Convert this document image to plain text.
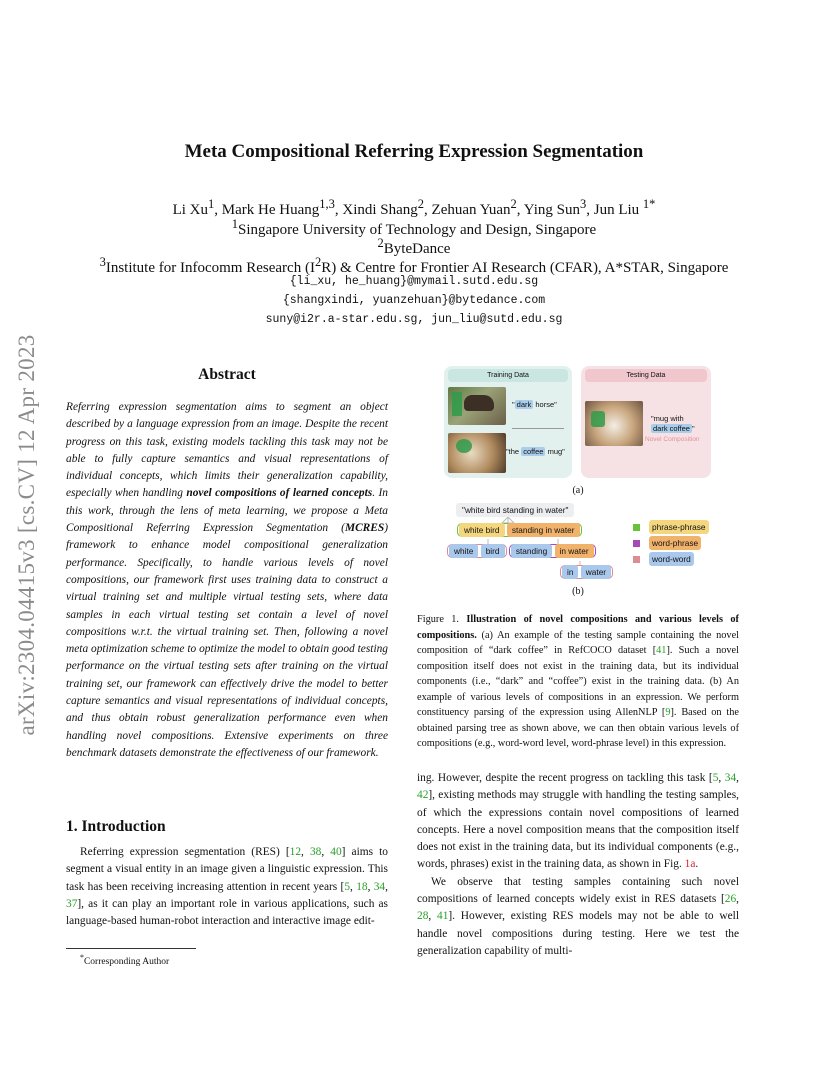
arXiv:2304.04415v3 [cs.CV] 12 Apr 2023
Meta Compositional Referring Expression Segmentation
Li Xu$^1$, Mark He Huang$^{1,3}$, Xindi Shang$^2$, Zehuan Yuan$^2$, Ying Sun$^3$, Jun Liu $^{1*}$
$^1$Singapore University of Technology and Design, Singapore
$^2$ByteDance
$^3$Institute for Infocomm Research $(I^2R)$ & Centre for Frontier AI Research (CFAR), A*STAR, Singapore
{li_xu, he_huang}@mymail.sutd.edu.sg
{shangxindi, yuanzehuan}@bytedance.com
suny@i2r.a-star.edu.sg, jun_liu@sutd.edu.sg
Abstract
Referring expression segmentation aims to segment an object described by a language expression from an image. Despite the recent progress on this task, existing models tackling this task may not be able to fully capture semantics and visual representations of individual concepts, which limits their generalization capability, especially when handling novel compositions of learned concepts. In this work, through the lens of meta learning, we propose a Meta Compositional Referring Expression Segmentation (MCRES) framework to enhance model compositional generalization performance. Specifically, to handle various levels of novel compositions, our framework first uses training data to construct a virtual training set and multiple virtual testing sets, where data samples in each virtual testing set contain a level of novel compositions w.r.t. the virtual training set. Then, following a novel meta optimization scheme to optimize the model to obtain good testing performance on the virtual testing sets after training on the virtual training set, our framework can effectively drive the model to better capture semantics and visual representations of individual concepts, and thus obtain robust generalization performance even when handling novel compositions. Extensive experiments on three benchmark datasets demonstrate the effectiveness of our framework.
1. Introduction
Referring expression segmentation (RES) [12, 38, 40] aims to segment a visual entity in an image given a linguistic expression. This task has been receiving increasing attention in recent years [5, 18, 34, 37], as it can play an important role in various applications, such as language-based human-robot interaction and interactive image edit-
*Corresponding Author
Training Data
" dark horse"
"the coffee mug"
Testing Data
"mug with
dark coffee "
Novel Composition
(a)
"white bird standing in water"
white bird standing in water
white bird standing in water
in water
phrase-phrase
word-phrase
word-word
(b)
Figure 1. Illustration of novel compositions and various levels of compositions. (a) An example of the testing sample containing the novel composition of “dark coffee” in RefCOCO dataset [41]. Such a novel composition itself does not exist in the training data, but its individual components (i.e., “dark” and “coffee”) exist in the training data. (b) An example of various levels of compositions in an expression. We perform constituency parsing of the expression using AllenNLP [9]. Based on the obtained parsing tree as shown above, we can then obtain various levels of compositions (e.g., word-word level, word-phrase level) in this expression.

ing. However, despite the recent progress on tackling this task [5, 34, 42], existing methods may struggle with handling the testing samples, of which the expressions contain novel compositions of learned concepts. Here a novel composition means that the composition itself does not exist in the training data, but its individual components (e.g., words, phrases) exist in the training data, as shown in Fig. 1a.

We observe that testing samples containing such novel compositions of learned concepts widely exist in RES datasets [26, 28, 41]. However, existing RES models may not be able to well handle novel compositions during testing. Here we test the generalization capability of multi-
